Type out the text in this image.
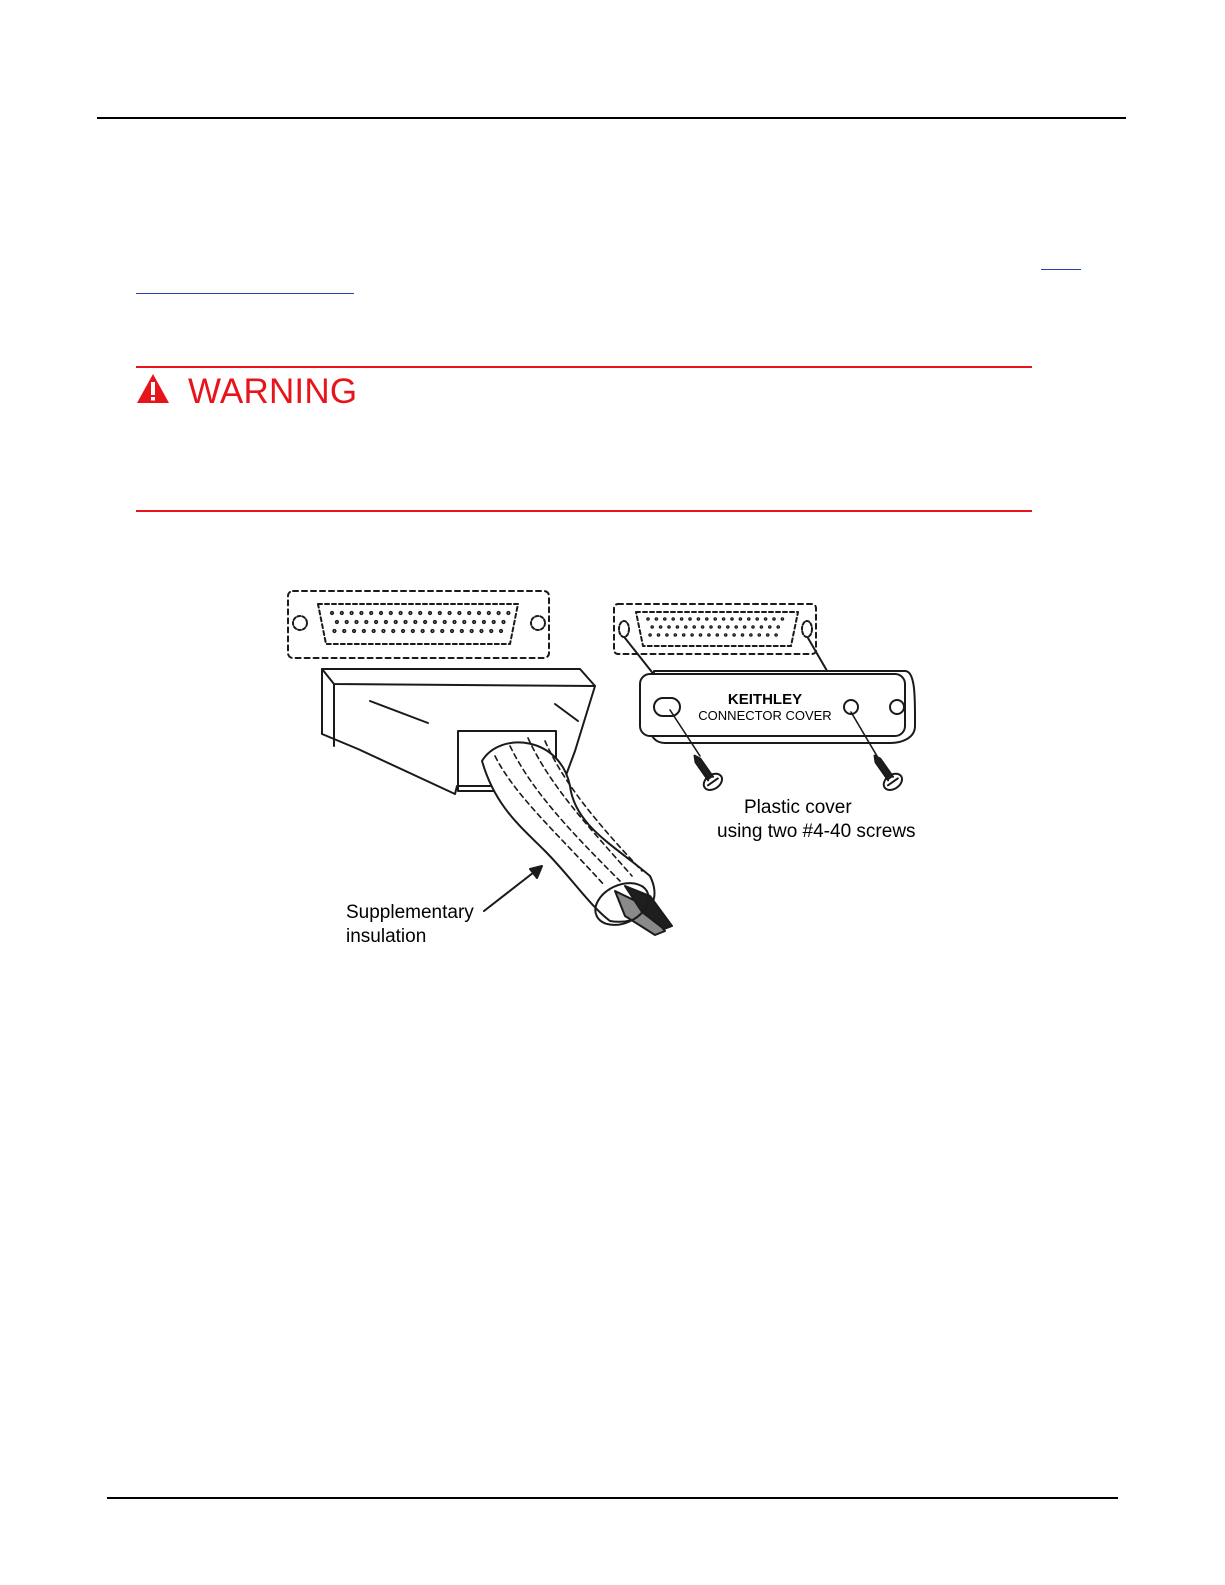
WARNING
KEITHLEY
CONNECTOR COVER
Plastic cover
using two #4-40 screws
Supplementary
insulation
